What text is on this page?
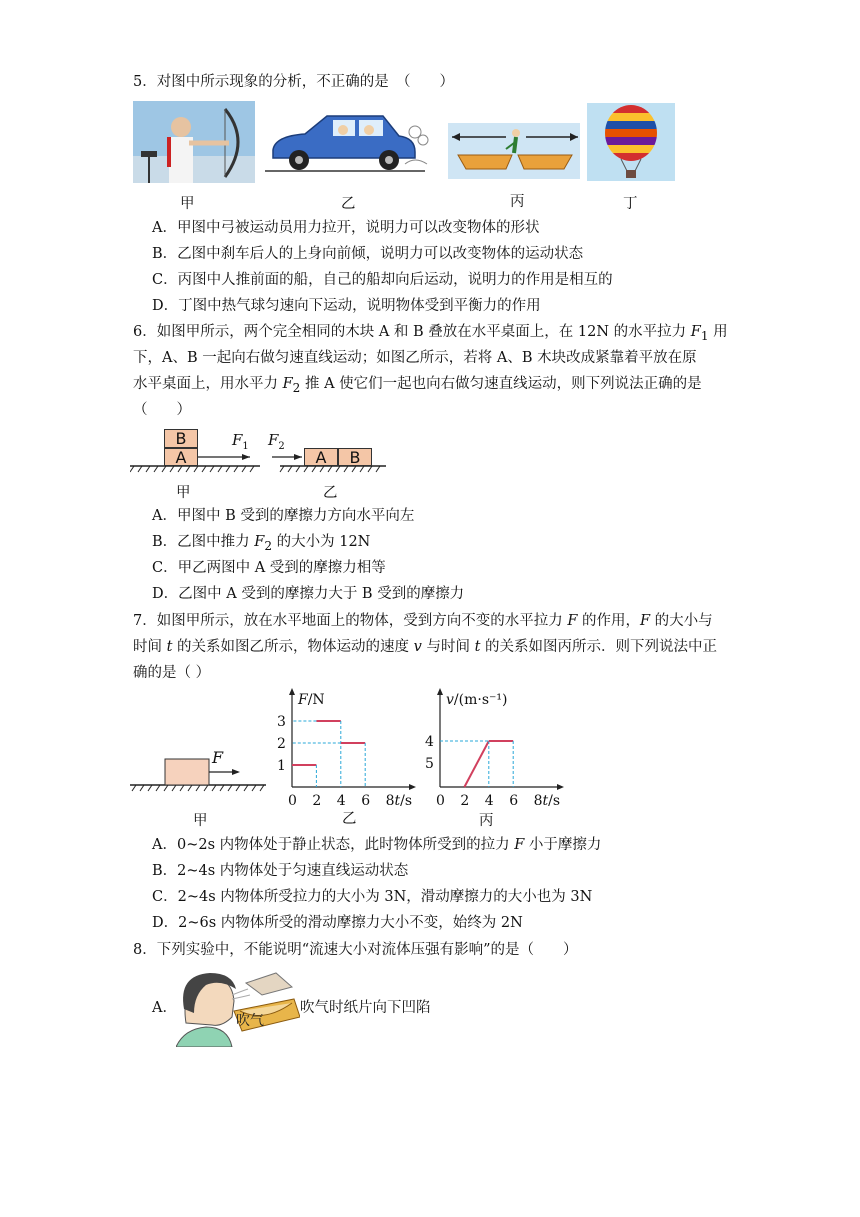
5．对图中所示现象的分析，不正确的是　（　　）
甲	乙	丙	丁
A．甲图中弓被运动员用力拉开，说明力可以改变物体的形状
B．乙图中刹车后人的上身向前倾，说明力可以改变物体的运动状态
C．丙图中人推前面的船，自己的船却向后运动，说明力的作用是相互的
D．丁图中热气球匀速向下运动，说明物体受到平衡力的作用
6．如图甲所示，两个完全相同的木块 A 和 B 叠放在水平桌面上，在 12N 的水平拉力 $F_1$ 用
下，A、B 一起向右做匀速直线运动；如图乙所示，若将 A、B 木块改成紧靠着平放在原
水平桌面上，用水平力 $F_2$ 推 A 使它们一起也向右做匀速直线运动，则下列说法正确的是
（　　）
B
A
$F_1$ $F_2$
A	B
甲	乙
A．甲图中 B 受到的摩擦力方向水平向左
B．乙图中推力 $F_2$ 的大小为 12N
C．甲乙两图中 A 受到的摩擦力相等
D．乙图中 A 受到的摩擦力大于 B 受到的摩擦力
7．如图甲所示，放在水平地面上的物体，受到方向不变的水平拉力 F 的作用，F 的大小与
时间 t 的关系如图乙所示，物体运动的速度 v 与时间 t 的关系如图丙所示．则下列说法中正
确的是（ ）
F
F/N
0 2 4 6 8 t/s
1
2
3
v/(m·s⁻¹)
0 2 4 6 8 t/s
5
4
甲	乙	丙
A．0~2s 内物体处于静止状态，此时物体所受到的拉力 F 小于摩擦力
B．2~4s 内物体处于匀速直线运动状态
C．2~4s 内物体所受拉力的大小为 3N，滑动摩擦力的大小也为 3N
D．2~6s 内物体所受的滑动摩擦力大小不变，始终为 2N
8．下列实验中，不能说明“流速大小对流体压强有影响”的是（　　）
A．
吹气
吹气时纸片向下凹陷
